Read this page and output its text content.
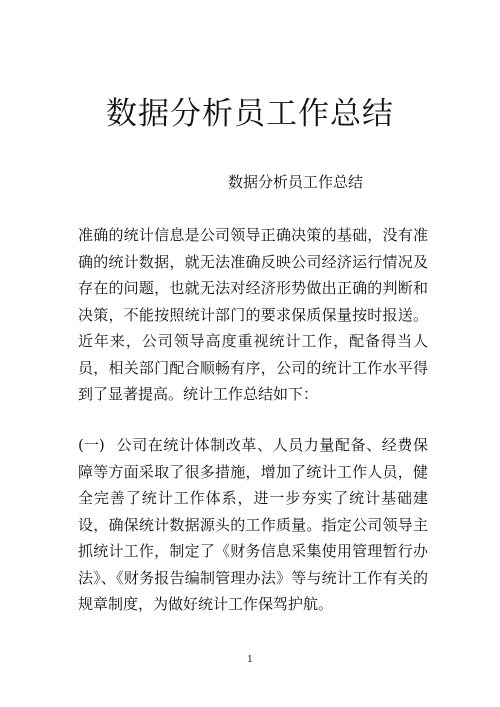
数据分析员工作总结

数据分析员工作总结

准确的统计信息是公司领导正确决策的基础，没有准确的统计数据，就无法准确反映公司经济运行情况及存在的问题，也就无法对经济形势做出正确的判断和决策，不能按照统计部门的要求保质保量按时报送。近年来，公司领导高度重视统计工作，配备得当人员，相关部门配合顺畅有序，公司的统计工作水平得到了显著提高。统计工作总结如下：

(一) 公司在统计体制改革、人员力量配备、经费保障等方面采取了很多措施，增加了统计工作人员，健全完善了统计工作体系，进一步夯实了统计基础建设，确保统计数据源头的工作质量。指定公司领导主抓统计工作，制定了《财务信息采集使用管理暂行办法》、《财务报告编制管理办法》等与统计工作有关的规章制度，为做好统计工作保驾护航。

1
